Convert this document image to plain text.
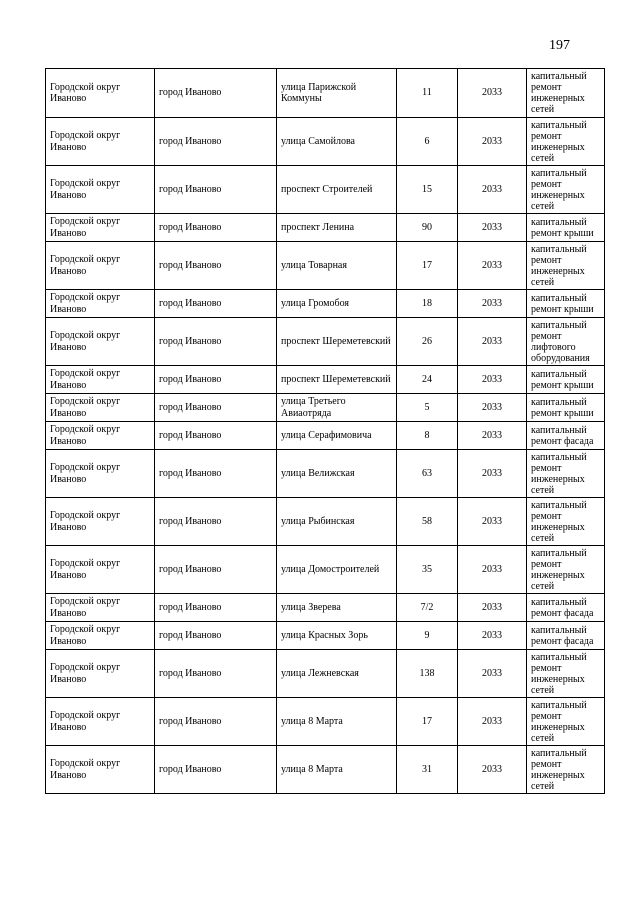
197
Городской округ Иваново	город Иваново	улица Парижской Коммуны	11	2033	капитальный ремонт инженерных сетей
Городской округ Иваново	город Иваново	улица Самойлова	6	2033	капитальный ремонт инженерных сетей
Городской округ Иваново	город Иваново	проспект Строителей	15	2033	капитальный ремонт инженерных сетей
Городской округ Иваново	город Иваново	проспект Ленина	90	2033	капитальный ремонт крыши
Городской округ Иваново	город Иваново	улица Товарная	17	2033	капитальный ремонт инженерных сетей
Городской округ Иваново	город Иваново	улица Громобоя	18	2033	капитальный ремонт крыши
Городской округ Иваново	город Иваново	проспект Шереметевский	26	2033	капитальный ремонт лифтового оборудования
Городской округ Иваново	город Иваново	проспект Шереметевский	24	2033	капитальный ремонт крыши
Городской округ Иваново	город Иваново	улица Третьего Авиаотряда	5	2033	капитальный ремонт крыши
Городской округ Иваново	город Иваново	улица Серафимовича	8	2033	капитальный ремонт фасада
Городской округ Иваново	город Иваново	улица Велижская	63	2033	капитальный ремонт инженерных сетей
Городской округ Иваново	город Иваново	улица Рыбинская	58	2033	капитальный ремонт инженерных сетей
Городской округ Иваново	город Иваново	улица Домостроителей	35	2033	капитальный ремонт инженерных сетей
Городской округ Иваново	город Иваново	улица Зверева	7/2	2033	капитальный ремонт фасада
Городской округ Иваново	город Иваново	улица Красных Зорь	9	2033	капитальный ремонт фасада
Городской округ Иваново	город Иваново	улица Лежневская	138	2033	капитальный ремонт инженерных сетей
Городской округ Иваново	город Иваново	улица 8 Марта	17	2033	капитальный ремонт инженерных сетей
Городской округ Иваново	город Иваново	улица 8 Марта	31	2033	капитальный ремонт инженерных сетей
